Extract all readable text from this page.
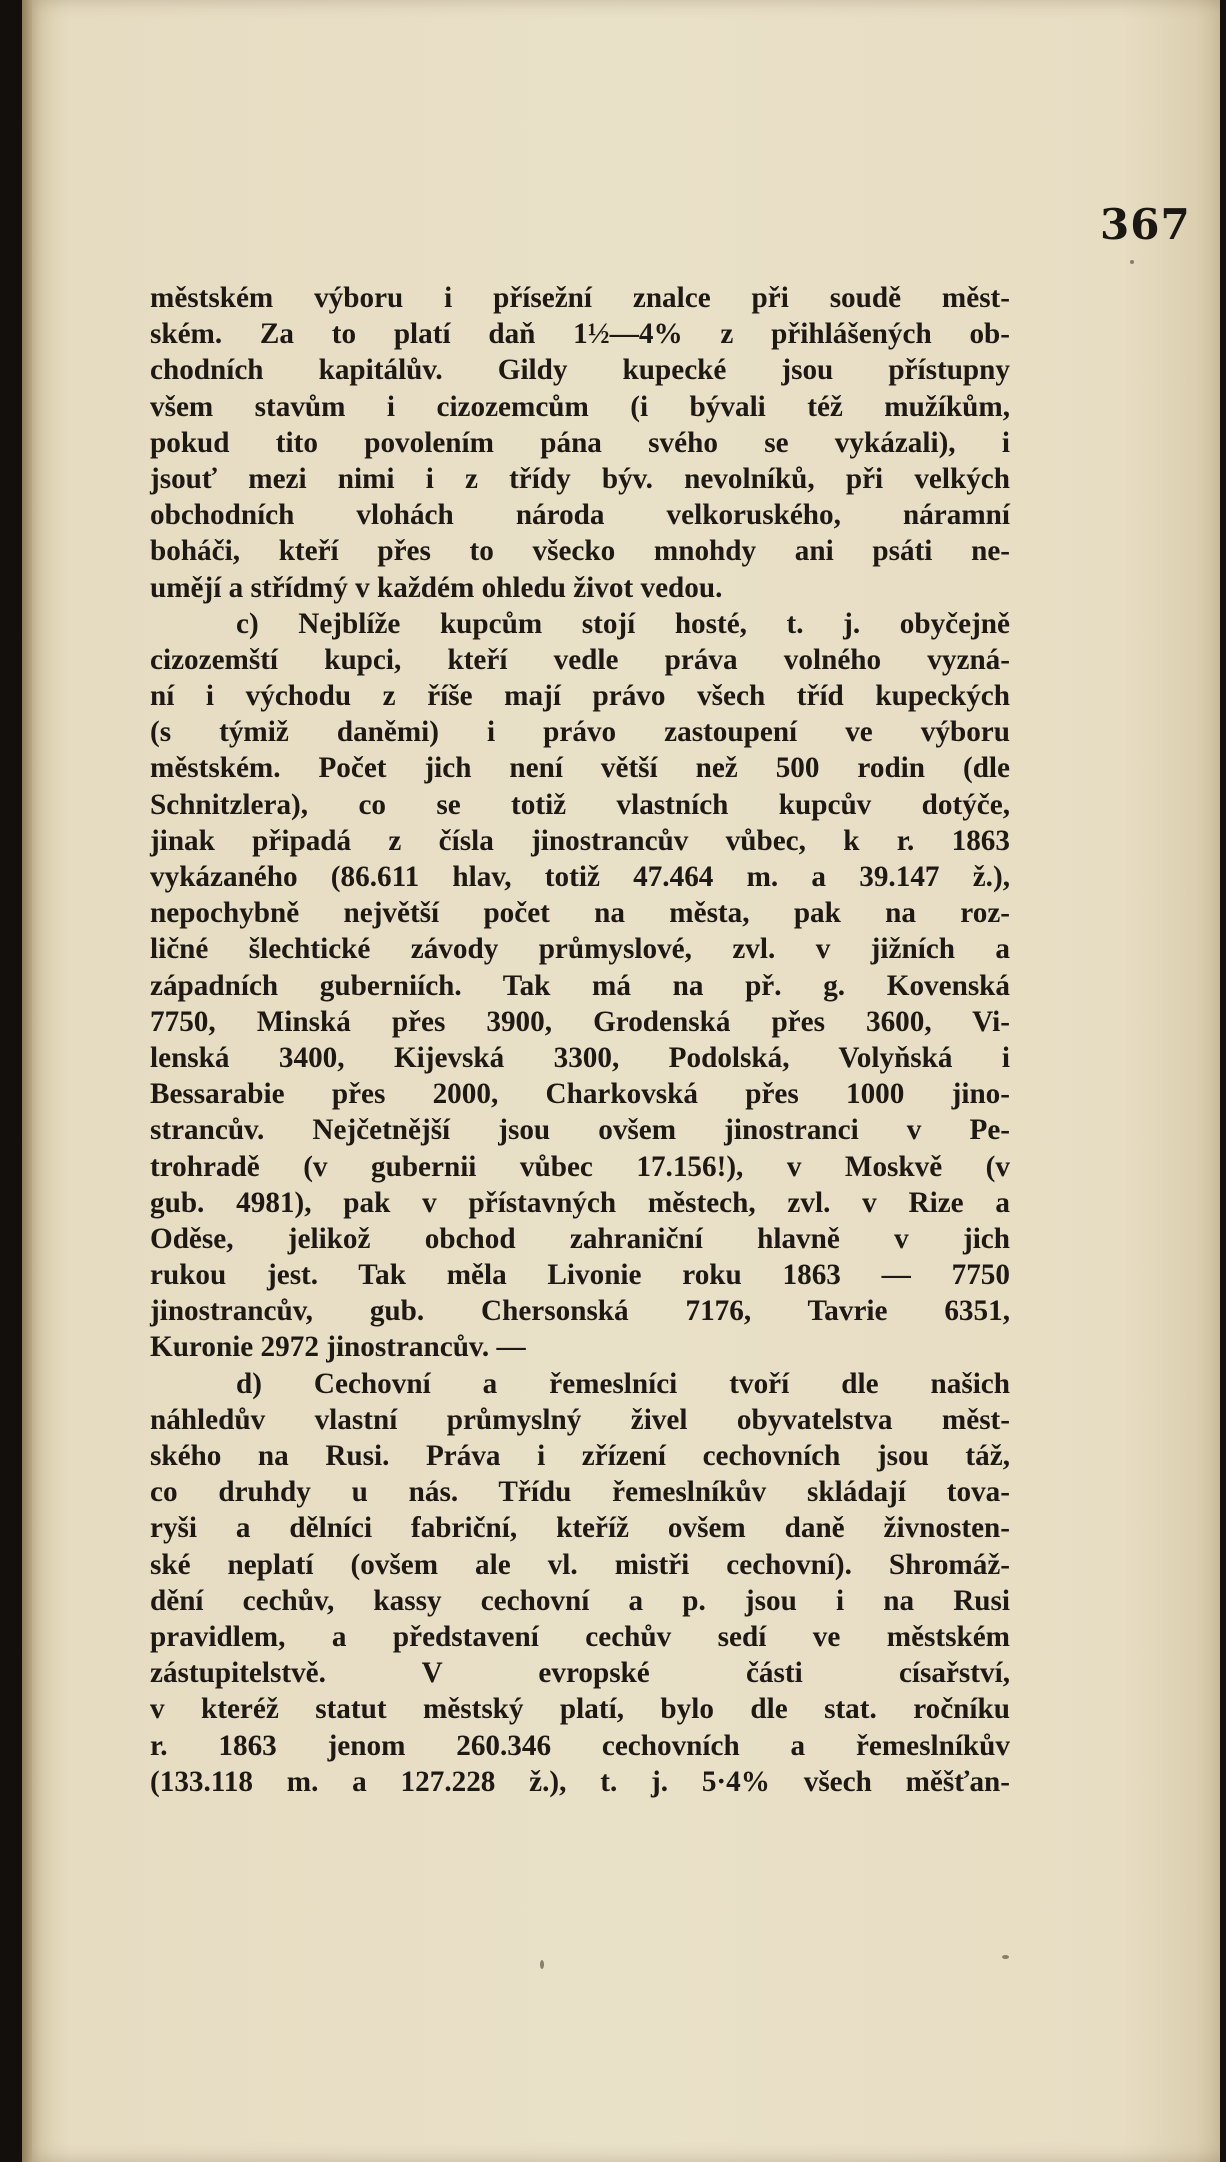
367
městském výboru i přísežní znalce při soudě měst-
ském. Za to platí daň 1½—4% z přihlášených ob-
chodních kapitálův. Gildy kupecké jsou přístupny
všem stavům i cizozemcům (i bývali též mužíkům,
pokud tito povolením pána svého se vykázali), i
jsouť mezi nimi i z třídy býv. nevolníků, při velkých
obchodních vlohách národa velkoruského, náramní
boháči, kteří přes to všecko mnohdy ani psáti ne-
umějí a střídmý v každém ohledu život vedou.
c) Nejblíže kupcům stojí hosté, t. j. obyčejně
cizozemští kupci, kteří vedle práva volného vyzná-
ní i východu z říše mají právo všech tříd kupeckých
(s týmiž daněmi) i právo zastoupení ve výboru
městském. Počet jich není větší než 500 rodin (dle
Schnitzlera), co se totiž vlastních kupcův dotýče,
jinak připadá z čísla jinostrancův vůbec, k r. 1863
vykázaného (86.611 hlav, totiž 47.464 m. a 39.147 ž.),
nepochybně největší počet na města, pak na roz-
ličné šlechtické závody průmyslové, zvl. v jižních a
západních guberniích. Tak má na př. g. Kovenská
7750, Minská přes 3900, Grodenská přes 3600, Vi-
lenská 3400, Kijevská 3300, Podolská, Volyňská i
Bessarabie přes 2000, Charkovská přes 1000 jino-
strancův. Nejčetnější jsou ovšem jinostranci v Pe-
trohradě (v gubernii vůbec 17.156!), v Moskvě (v
gub. 4981), pak v přístavných městech, zvl. v Rize a
Oděse, jelikož obchod zahraniční hlavně v jich
rukou jest. Tak měla Livonie roku 1863 — 7750
jinostrancův, gub. Chersonská 7176, Tavrie 6351,
Kuronie 2972 jinostrancův. —
d) Cechovní a řemeslníci tvoří dle našich
náhledův vlastní průmyslný živel obyvatelstva měst-
ského na Rusi. Práva i zřízení cechovních jsou táž,
co druhdy u nás. Třídu řemeslníkův skládají tova-
ryši a dělníci fabriční, kteříž ovšem daně živnosten-
ské neplatí (ovšem ale vl. mistři cechovní). Shromáž-
dění cechův, kassy cechovní a p. jsou i na Rusi
pravidlem, a představení cechův sedí ve městském
zástupitelstvě. V evropské části císařství,
v kteréž statut městský platí, bylo dle stat. ročníku
r. 1863 jenom 260.346 cechovních a řemeslníkův
(133.118 m. a 127.228 ž.), t. j. 5·4% všech měšťan-
